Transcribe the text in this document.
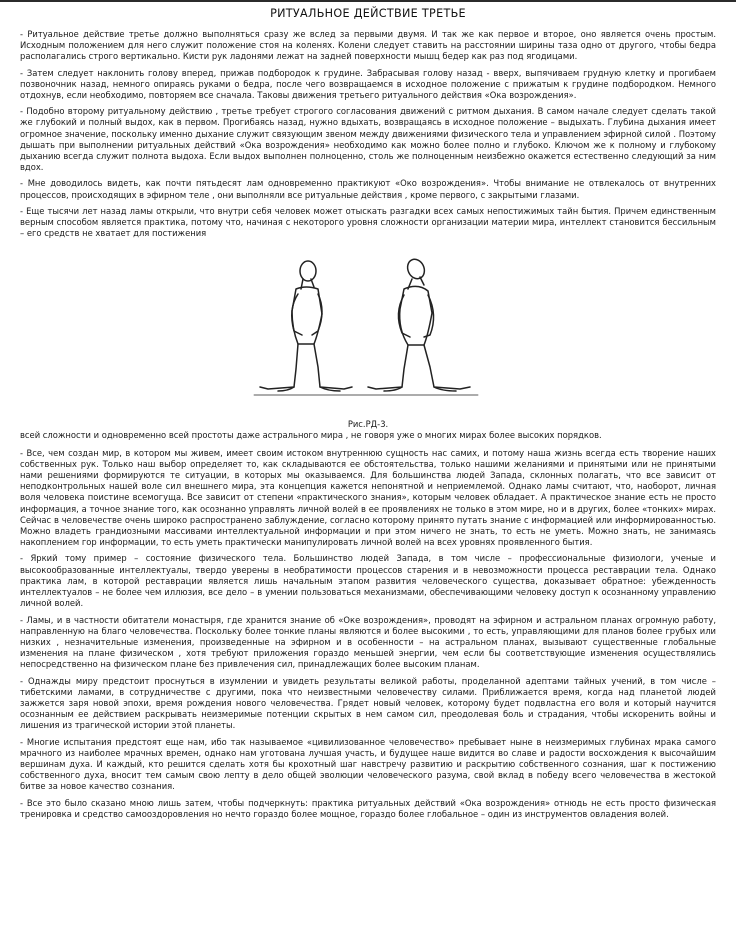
РИТУАЛЬНОЕ ДЕЙСТВИЕ ТРЕТЬЕ

- Ритуальное действие третье должно выполняться сразу же вслед за первыми двумя. И так же как первое и второе, оно является очень простым. Исходным положением для него служит положение стоя на коленях. Колени следует ставить на расстоянии ширины таза одно от другого, чтобы бедра располагались строго вертикально. Кисти рук ладонями лежат на задней поверхности мышц бедер как раз под ягодицами.

- Затем следует наклонить голову вперед, прижав подбородок к грудине. Забрасывая голову назад - вверх, выпячиваем грудную клетку и прогибаем позвоночник назад, немного опираясь руками о бедра, после чего возвращаемся в исходное положение с прижатым к грудине подбородком. Немного отдохнув, если необходимо, повторяем все сначала. Таковы движения третьего ритуального действия «Ока возрождения».

- Подобно второму ритуальному действию , третье требует строгого согласования движений с ритмом дыхания. В самом начале следует сделать такой же глубокий и полный выдох, как в первом. Прогибаясь назад, нужно вдыхать, возвращаясь в исходное положение – выдыхать. Глубина дыхания имеет огромное значение, поскольку именно дыхание служит связующим звеном между движениями физического тела и управлением эфирной силой . Поэтому дышать при выполнении ритуальных действий «Ока возрождения» необходимо как можно более полно и глубоко. Ключом же к полному и глубокому дыханию всегда служит полнота выдоха. Если выдох выполнен полноценно, столь же полноценным неизбежно окажется естественно следующий за ним вдох.

- Мне доводилось видеть, как почти пятьдесят лам одновременно практикуют «Око возрождения». Чтобы внимание не отвлекалось от внутренних процессов, происходящих в эфирном теле , они выполняли все ритуальные действия , кроме первого, с закрытыми глазами.

- Еще тысячи лет назад ламы открыли, что внутри себя человек может отыскать разгадки всех самых непостижимых тайн бытия. Причем единственным верным способом является практика, потому что, начиная с некоторого уровня сложности организации материи мира, интеллект становится бессильным – его средств не хватает для постижения

Рис.РД-3.

всей сложности и одновременно всей простоты даже астрального мира , не говоря уже о многих мирах более высоких порядков.

- Все, чем создан мир, в котором мы живем, имеет своим истоком внутреннюю сущность нас самих, и потому наша жизнь всегда есть творение наших собственных рук. Только наш выбор определяет то, как складываются ее обстоятельства, только нашими желаниями и принятыми или не принятыми нами решениями формируются те ситуации, в которых мы оказываемся. Для большинства людей Запада, склонных полагать, что все зависит от неподконтрольных нашей воле сил внешнего мира, эта концепция кажется непонятной и неприемлемой. Однако ламы считают, что, наоборот, личная воля человека поистине всемогуща. Все зависит от степени «практического знания», которым человек обладает. А практическое знание есть не просто информация, а точное знание того, как осознанно управлять личной волей в ее проявлениях не только в этом мире, но и в других, более «тонких» мирах. Сейчас в человечестве очень широко распространено заблуждение, согласно которому принято путать знание с информацией или информированностью. Можно владеть грандиозными массивами интеллектуальной информации и при этом ничего не знать, то есть не уметь. Можно знать, не занимаясь накоплением гор информации, то есть уметь практически манипулировать личной волей на всех уровнях проявленного бытия.

- Яркий тому пример – состояние физического тела. Большинство людей Запада, в том числе – профессиональные физиологи, ученые и высокообразованные интеллектуалы, твердо уверены в необратимости процессов старения и в невозможности процесса реставрации тела. Однако практика лам, в которой реставрации является лишь начальным этапом развития человеческого существа, доказывает обратное: убежденность интеллектуалов – не более чем иллюзия, все дело – в умении пользоваться механизмами, обеспечивающими человеку доступ к осознанному управлению личной волей.

- Ламы, и в частности обитатели монастыря, где хранится знание об «Оке возрождения», проводят на эфирном и астральном планах огромную работу, направленную на благо человечества. Поскольку более тонкие планы являются и более высокими , то есть, управляющими для планов более грубых или низких , незначительные изменения, произведенные на эфирном и в особенности – на астральном планах, вызывают существенные глобальные изменения на плане физическом , хотя требуют приложения гораздо меньшей энергии, чем если бы соответствующие изменения осуществлялись непосредственно на физическом плане без привлечения сил, принадлежащих более высоким планам.

- Однажды миру предстоит проснуться в изумлении и увидеть результаты великой работы, проделанной адептами тайных учений, в том числе – тибетскими ламами, в сотрудничестве с другими, пока что неизвестными человечеству силами. Приближается время, когда над планетой людей зажжется заря новой эпохи, время рождения нового человечества. Грядет новый человек, которому будет подвластна его воля и который научится осознанным ее действием раскрывать неизмеримые потенции скрытых в нем самом сил, преодолевая боль и страдания, чтобы искоренить войны и лишения из трагической истории этой планеты.

- Многие испытания предстоят еще нам, ибо так называемое «цивилизованное человечество» пребывает ныне в неизмеримых глубинах мрака самого мрачного из наиболее мрачных времен, однако нам уготована лучшая участь, и будущее наше видится во славе и радости восхождения к высочайшим вершинам духа. И каждый, кто решится сделать хотя бы крохотный шаг навстречу развитию и раскрытию собственного сознания, шаг к постижению собственного духа, вносит тем самым свою лепту в дело общей эволюции человеческого разума, свой вклад в победу всего человечества в жестокой битве за новое качество сознания.

- Все это было сказано мною лишь затем, чтобы подчеркнуть: практика ритуальных действий «Ока возрождения» отнюдь не есть просто физическая тренировка и средство самооздоровления но нечто гораздо более мощное, гораздо более глобальное – один из инструментов овладения волей.
